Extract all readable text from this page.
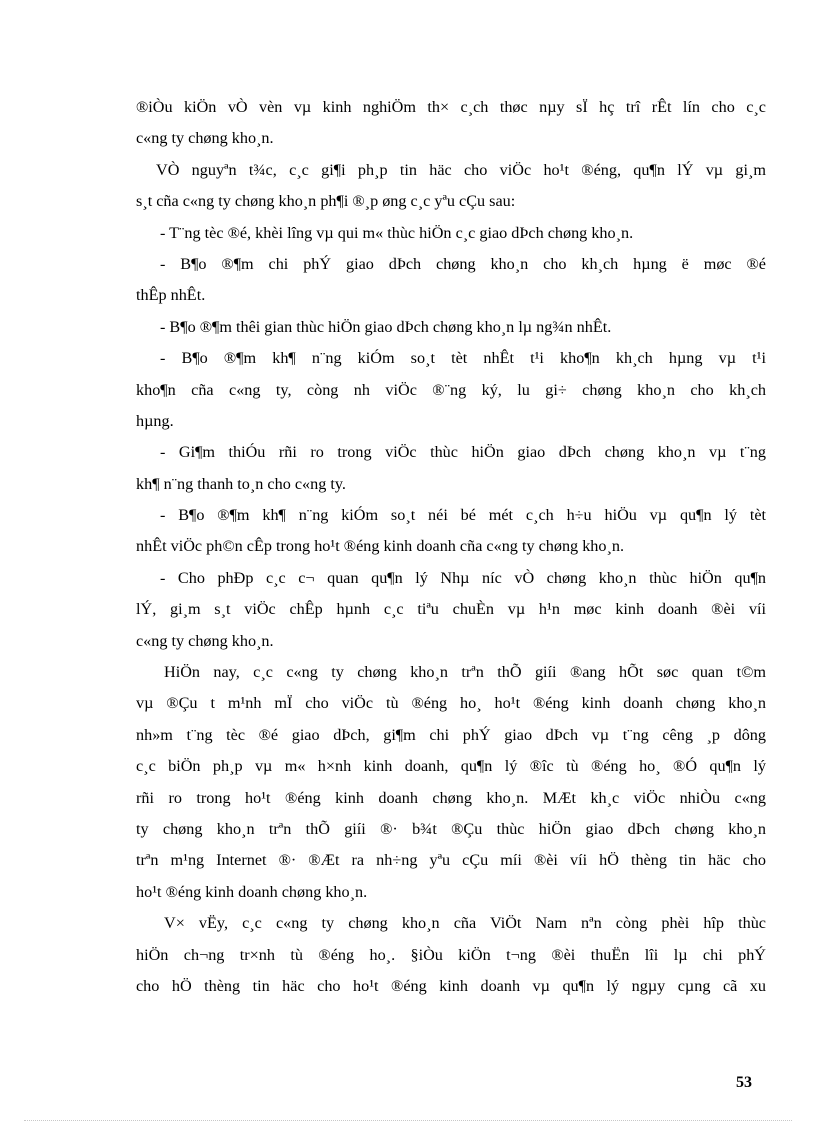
®iÒu kiÖn vÒ vèn vµ kinh nghiÖm th× c¸ch thøc nµy sÏ hç trî rÊt lín cho c¸c
c«ng ty chøng kho¸n.
VÒ nguyªn t¾c, c¸c gi¶i ph¸p tin häc cho viÖc ho¹t ®éng, qu¶n lÝ vµ gi¸m
s¸t cña c«ng ty chøng kho¸n ph¶i ®¸p øng c¸c yªu cÇu sau:
- T¨ng tèc ®é, khèi lîng vµ qui m« thùc hiÖn c¸c giao dÞch chøng kho¸n.
- B¶o ®¶m chi phÝ giao dÞch chøng kho¸n cho kh¸ch hµng ë møc ®é
thÊp nhÊt.
- B¶o ®¶m thêi gian thùc hiÖn giao dÞch chøng kho¸n lµ ng¾n nhÊt.
- B¶o ®¶m kh¶ n¨ng kiÓm so¸t tèt nhÊt t¹i kho¶n kh¸ch hµng vµ t¹i
kho¶n cña c«ng ty, còng nh viÖc ®¨ng ký, lu gi÷ chøng kho¸n cho kh¸ch
hµng.
- Gi¶m thiÓu rñi ro trong viÖc thùc hiÖn giao dÞch chøng kho¸n vµ t¨ng
kh¶ n¨ng thanh to¸n cho c«ng ty.
- B¶o ®¶m kh¶ n¨ng kiÓm so¸t néi bé mét c¸ch h÷u hiÖu vµ qu¶n lý tèt
nhÊt viÖc ph©n cÊp trong ho¹t ®éng kinh doanh cña c«ng ty chøng kho¸n.
- Cho phÐp c¸c c¬ quan qu¶n lý Nhµ níc vÒ chøng kho¸n thùc hiÖn qu¶n
lÝ, gi¸m s¸t viÖc chÊp hµnh c¸c tiªu chuÈn vµ h¹n møc kinh doanh ®èi víi
c«ng ty chøng kho¸n.
HiÖn nay, c¸c c«ng ty chøng kho¸n trªn thÕ giíi ®ang hÕt søc quan t©m
vµ ®Çu t m¹nh mÏ cho viÖc tù ®éng ho¸ ho¹t ®éng kinh doanh chøng kho¸n
nh»m t¨ng tèc ®é giao dÞch, gi¶m chi phÝ giao dÞch vµ t¨ng cêng ¸p dông
c¸c biÖn ph¸p vµ m« h×nh kinh doanh, qu¶n lý ®îc tù ®éng ho¸ ®Ó qu¶n lý
rñi ro trong ho¹t ®éng kinh doanh chøng kho¸n. MÆt kh¸c viÖc nhiÒu c«ng
ty chøng kho¸n trªn thÕ giíi ®· b¾t ®Çu thùc hiÖn giao dÞch chøng kho¸n
trªn m¹ng Internet ®· ®Æt ra nh÷ng yªu cÇu míi ®èi víi hÖ thèng tin häc cho
ho¹t ®éng kinh doanh chøng kho¸n.
V× vËy, c¸c c«ng ty chøng kho¸n cña ViÖt Nam nªn còng phèi hîp thùc
hiÖn ch¬ng tr×nh tù ®éng ho¸. §iÒu kiÖn t¬ng ®èi thuËn lîi lµ chi phÝ
cho hÖ thèng tin häc cho ho¹t ®éng kinh doanh vµ qu¶n lý ngµy cµng cã xu
53
